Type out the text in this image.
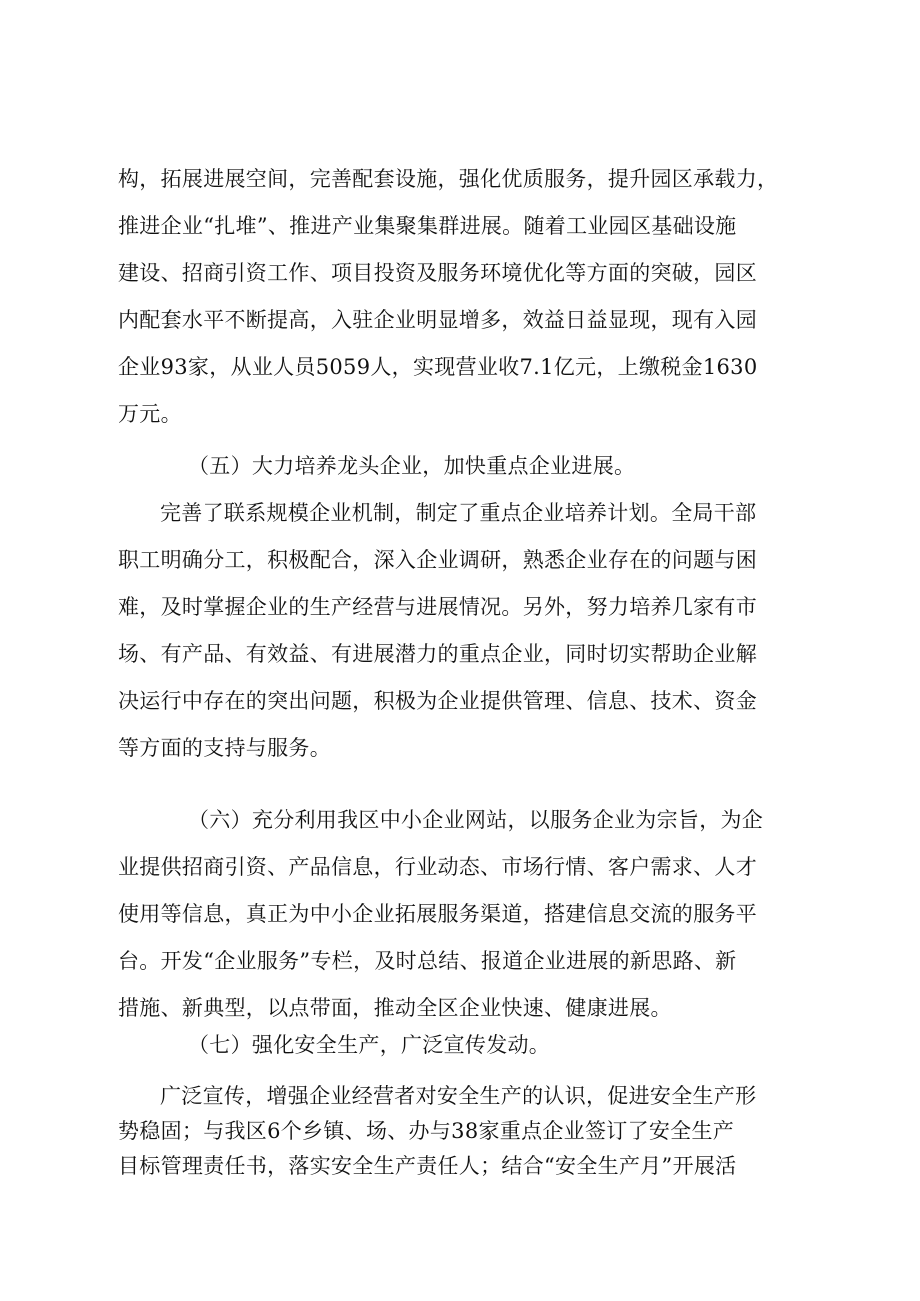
构，拓展进展空间，完善配套设施，强化优质服务，提升园区承载力，
推进企业“扎堆”、推进产业集聚集群进展。随着工业园区基础设施
建设、招商引资工作、项目投资及服务环境优化等方面的突破，园区
内配套水平不断提高，入驻企业明显增多，效益日益显现，现有入园
企业93家，从业人员5059人，实现营业收7.1亿元，上缴税金1630
万元。
（五）大力培养龙头企业，加快重点企业进展。
完善了联系规模企业机制，制定了重点企业培养计划。全局干部
职工明确分工，积极配合，深入企业调研，熟悉企业存在的问题与困
难，及时掌握企业的生产经营与进展情况。另外，努力培养几家有市
场、有产品、有效益、有进展潜力的重点企业，同时切实帮助企业解
决运行中存在的突出问题，积极为企业提供管理、信息、技术、资金
等方面的支持与服务。
（六）充分利用我区中小企业网站，以服务企业为宗旨，为企
业提供招商引资、产品信息，行业动态、市场行情、客户需求、人才
使用等信息，真正为中小企业拓展服务渠道，搭建信息交流的服务平
台。开发“企业服务”专栏，及时总结、报道企业进展的新思路、新
措施、新典型，以点带面，推动全区企业快速、健康进展。
（七）强化安全生产，广泛宣传发动。
广泛宣传，增强企业经营者对安全生产的认识，促进安全生产形
势稳固；与我区6个乡镇、场、办与38家重点企业签订了安全生产
目标管理责任书，落实安全生产责任人；结合“安全生产月”开展活
